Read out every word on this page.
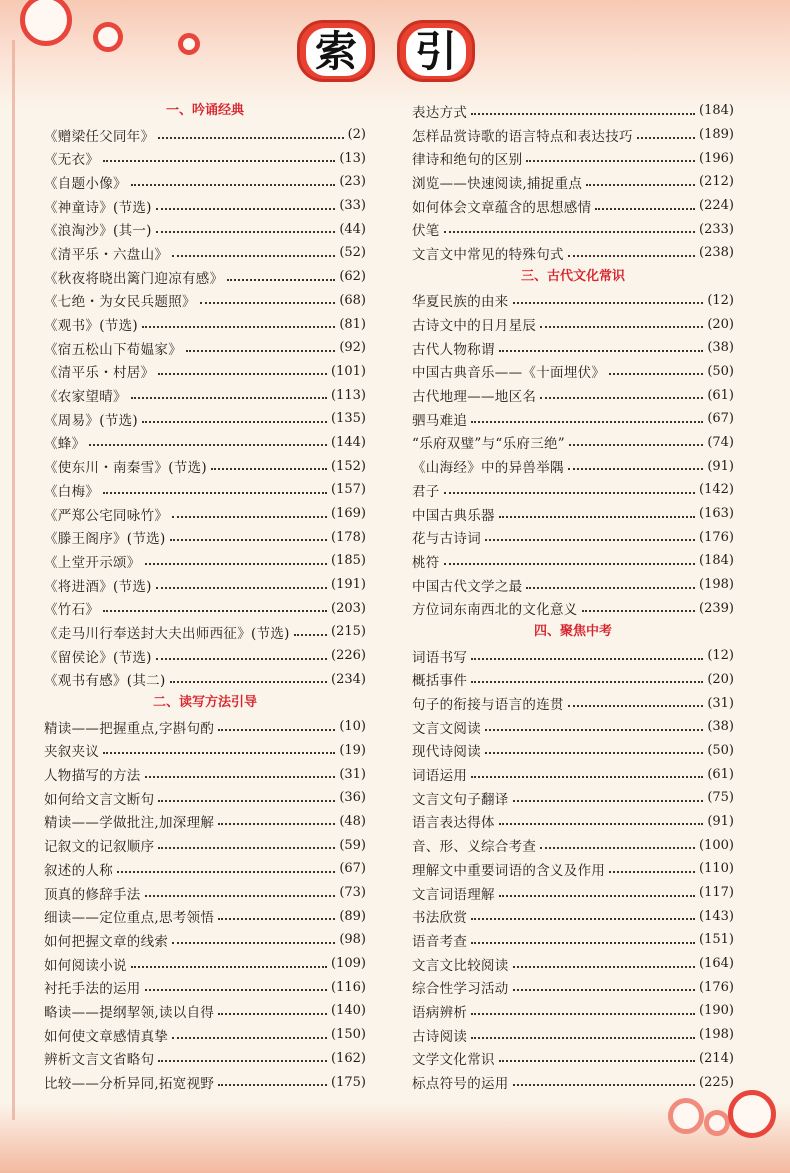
索 引
一、吟诵经典
《赠梁任父同年》	(2)
《无衣》	(13)
《自题小像》	(23)
《神童诗》(节选)	(33)
《浪淘沙》(其一)	(44)
《清平乐・六盘山》	(52)
《秋夜将晓出篱门迎凉有感》	(62)
《七绝・为女民兵题照》	(68)
《观书》(节选)	(81)
《宿五松山下荀媪家》	(92)
《清平乐・村居》	(101)
《农家望晴》	(113)
《周易》(节选)	(135)
《蜂》	(144)
《使东川・南秦雪》(节选)	(152)
《白梅》	(157)
《严郑公宅同咏竹》	(169)
《滕王阁序》(节选)	(178)
《上堂开示颂》	(185)
《将进酒》(节选)	(191)
《竹石》	(203)
《走马川行奉送封大夫出师西征》(节选)	(215)
《留侯论》(节选)	(226)
《观书有感》(其二)	(234)
二、读写方法引导
精读——把握重点,字斟句酌	(10)
夹叙夹议	(19)
人物描写的方法	(31)
如何给文言文断句	(36)
精读——学做批注,加深理解	(48)
记叙文的记叙顺序	(59)
叙述的人称	(67)
顶真的修辞手法	(73)
细读——定位重点,思考领悟	(89)
如何把握文章的线索	(98)
如何阅读小说	(109)
衬托手法的运用	(116)
略读——提纲挈领,读以自得	(140)
如何使文章感情真挚	(150)
辨析文言文省略句	(162)
比较——分析异同,拓宽视野	(175)
表达方式	(184)
怎样品赏诗歌的语言特点和表达技巧	(189)
律诗和绝句的区别	(196)
浏览——快速阅读,捕捉重点	(212)
如何体会文章蕴含的思想感情	(224)
伏笔	(233)
文言文中常见的特殊句式	(238)
三、古代文化常识
华夏民族的由来	(12)
古诗文中的日月星辰	(20)
古代人物称谓	(38)
中国古典音乐——《十面埋伏》	(50)
古代地理——地区名	(61)
驷马难追	(67)
“乐府双璧”与“乐府三绝”	(74)
《山海经》中的异兽举隅	(91)
君子	(142)
中国古典乐器	(163)
花与古诗词	(176)
桃符	(184)
中国古代文学之最	(198)
方位词东南西北的文化意义	(239)
四、聚焦中考
词语书写	(12)
概括事件	(20)
句子的衔接与语言的连贯	(31)
文言文阅读	(38)
现代诗阅读	(50)
词语运用	(61)
文言文句子翻译	(75)
语言表达得体	(91)
音、形、义综合考查	(100)
理解文中重要词语的含义及作用	(110)
文言词语理解	(117)
书法欣赏	(143)
语音考查	(151)
文言文比较阅读	(164)
综合性学习活动	(176)
语病辨析	(190)
古诗阅读	(198)
文学文化常识	(214)
标点符号的运用	(225)
